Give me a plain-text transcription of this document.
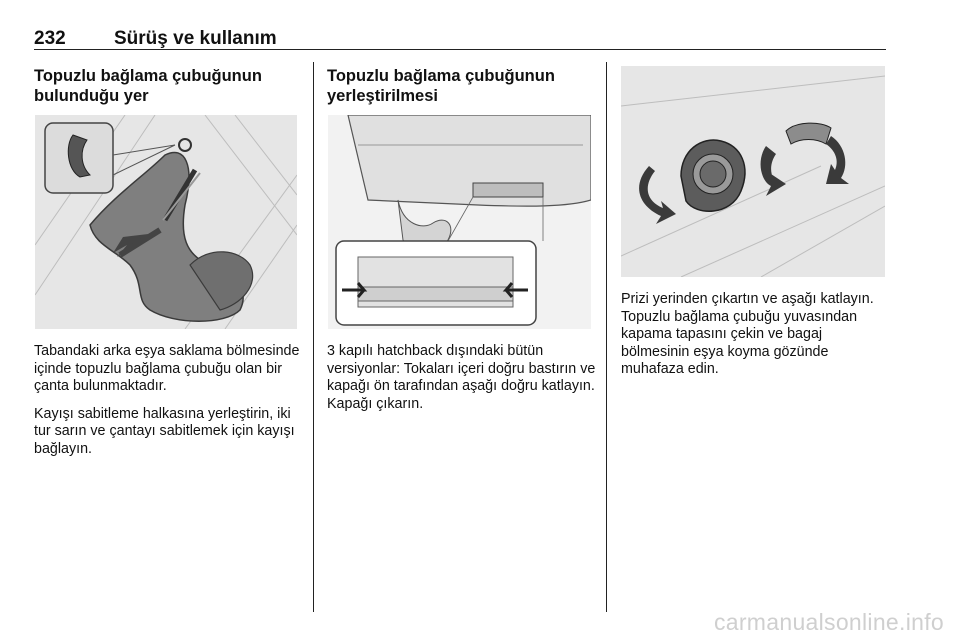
232	Sürüş ve kullanım
Topuzlu bağlama çubuğunun bulunduğu yer

Tabandaki arka eşya saklama bölmesinde içinde topuzlu bağlama çubuğu olan bir çanta bulunmaktadır.

Kayışı sabitleme halkasına yerleştirin, iki tur sarın ve çantayı sabitlemek için kayışı bağlayın.

Topuzlu bağlama çubuğunun yerleştirilmesi

3 kapılı hatchback dışındaki bütün versiyonlar: Tokaları içeri doğru bastırın ve kapağı ön tarafından aşağı doğru katlayın. Kapağı çıkarın.

Prizi yerinden çıkartın ve aşağı katlayın. Topuzlu bağlama çubuğu yuvasından kapama tapasını çekin ve bagaj bölmesinin eşya koyma gözünde muhafaza edin.

carmanualsonline.info
